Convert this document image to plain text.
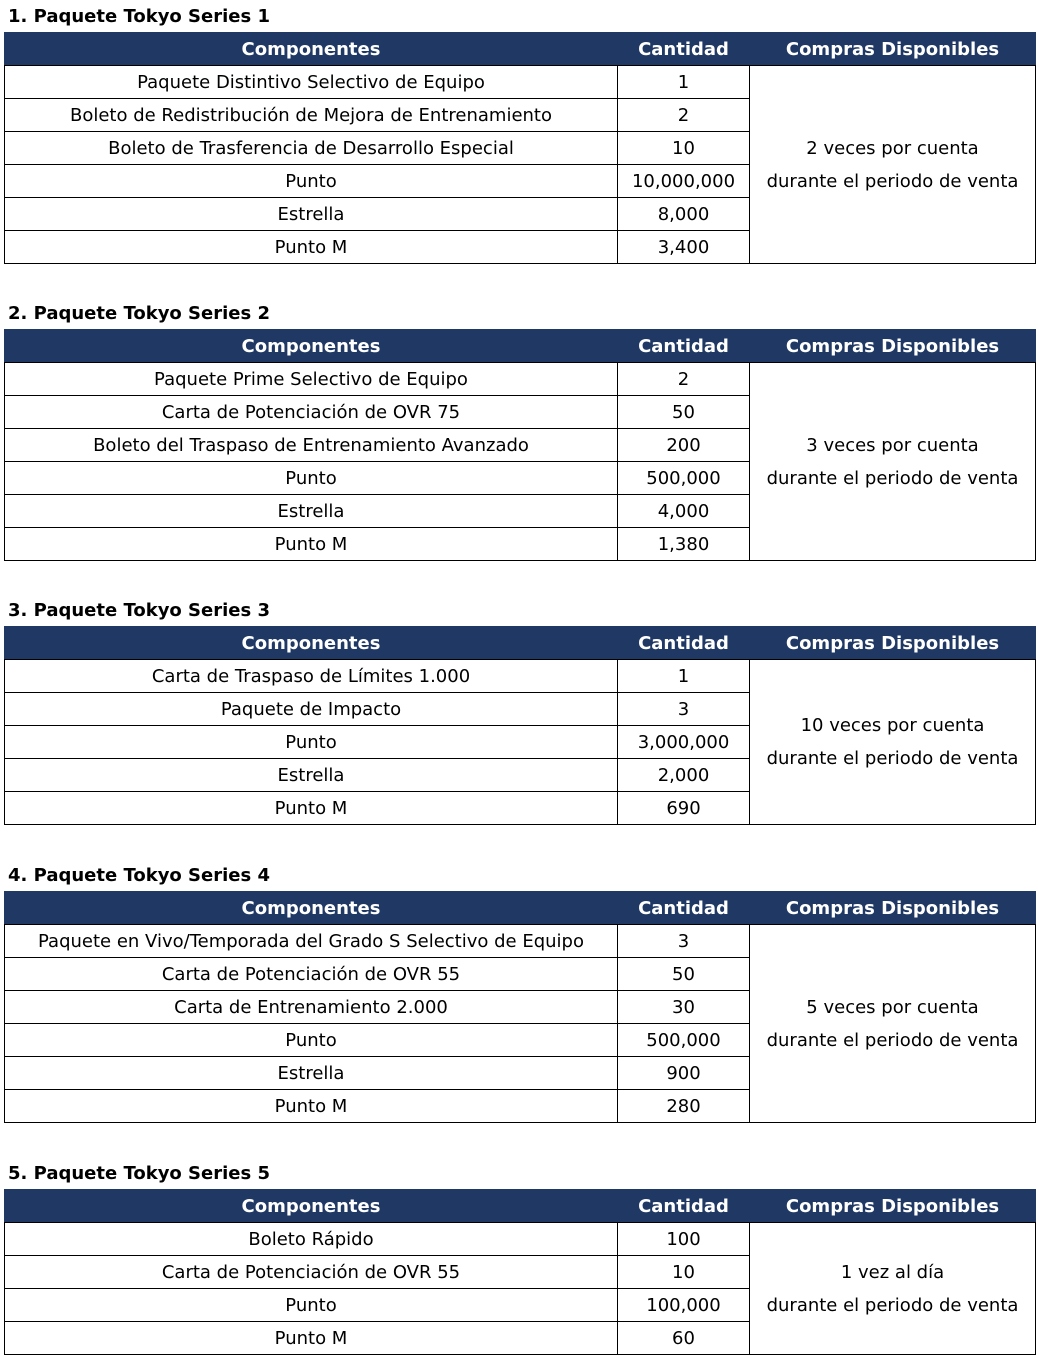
1. Paquete Tokyo Series 1
Componentes	Cantidad	Compras Disponibles
Paquete Distintivo Selectivo de Equipo	1	2 veces por cuenta
durante el periodo de venta

Boleto de Redistribución de Mejora de Entrenamiento	2	
Boleto de Trasferencia de Desarrollo Especial	10	
Punto	10,000,000	
Estrella	8,000	
Punto M	3,400	
2. Paquete Tokyo Series 2
Componentes	Cantidad	Compras Disponibles
Paquete Prime Selectivo de Equipo	2	3 veces por cuenta
durante el periodo de venta

Carta de Potenciación de OVR 75	50	
Boleto del Traspaso de Entrenamiento Avanzado	200	
Punto	500,000	
Estrella	4,000	
Punto M	1,380	
3. Paquete Tokyo Series 3
Componentes	Cantidad	Compras Disponibles
Carta de Traspaso de Límites 1.000	1	10 veces por cuenta
durante el periodo de venta

Paquete de Impacto	3	
Punto	3,000,000	
Estrella	2,000	
Punto M	690	
4. Paquete Tokyo Series 4
Componentes	Cantidad	Compras Disponibles
Paquete en Vivo/Temporada del Grado S Selectivo de Equipo	3	5 veces por cuenta
durante el periodo de venta

Carta de Potenciación de OVR 55	50	
Carta de Entrenamiento 2.000	30	
Punto	500,000	
Estrella	900	
Punto M	280	
5. Paquete Tokyo Series 5
Componentes	Cantidad	Compras Disponibles
Boleto Rápido	100	1 vez al día
durante el periodo de venta

Carta de Potenciación de OVR 55	10	
Punto	100,000	
Punto M	60	
